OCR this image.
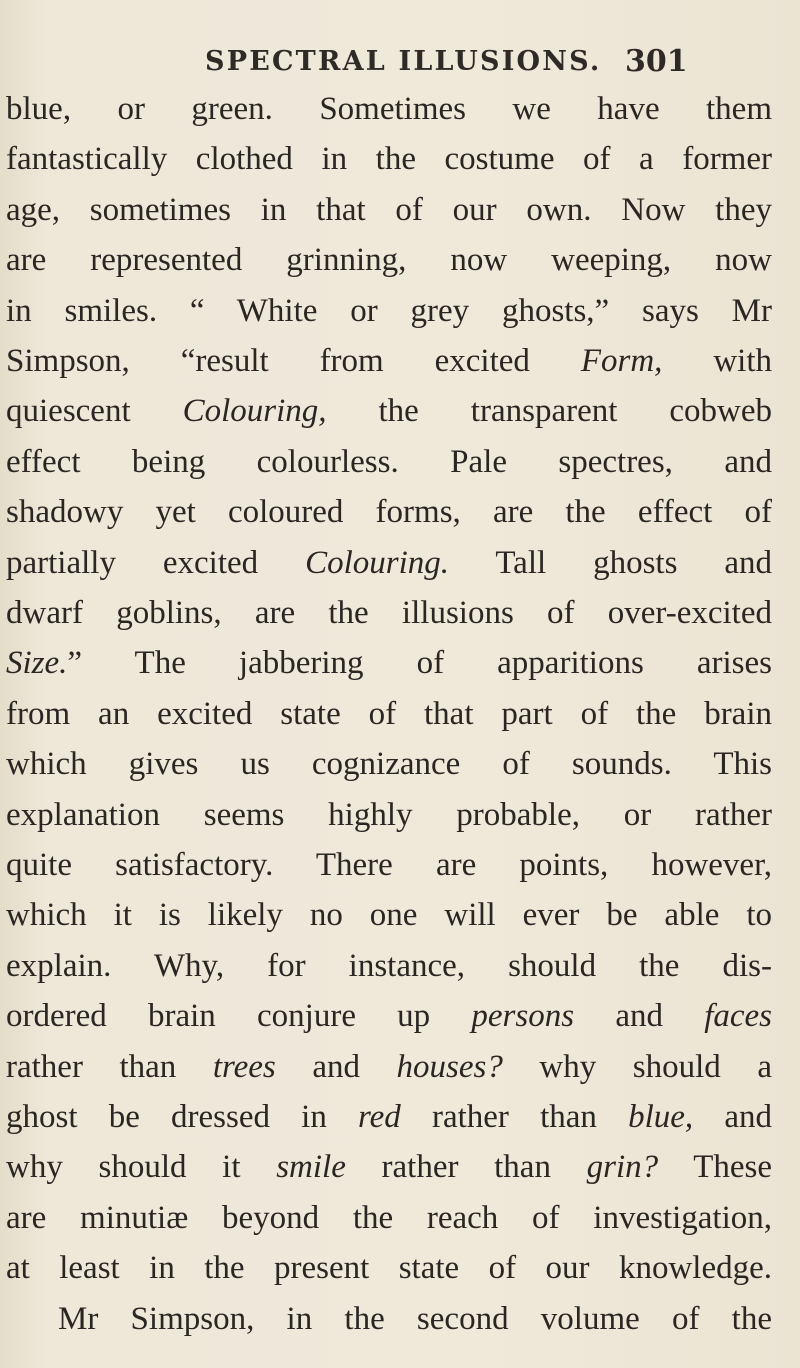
SPECTRAL ILLUSIONS. 301
blue, or green. Sometimes we have them
fantastically clothed in the costume of a former
age, sometimes in that of our own. Now they
are represented grinning, now weeping, now
in smiles. “ White or grey ghosts,” says Mr
Simpson, “result from excited Form, with
quiescent Colouring, the transparent cobweb
effect being colourless. Pale spectres, and
shadowy yet coloured forms, are the effect of
partially excited Colouring. Tall ghosts and
dwarf goblins, are the illusions of over-excited
Size.” The jabbering of apparitions arises
from an excited state of that part of the brain
which gives us cognizance of sounds. This
explanation seems highly probable, or rather
quite satisfactory. There are points, however,
which it is likely no one will ever be able to
explain. Why, for instance, should the dis-
ordered brain conjure up persons and faces
rather than trees and houses? why should a
ghost be dressed in red rather than blue, and
why should it smile rather than grin? These
are minutiæ beyond the reach of investigation,
at least in the present state of our knowledge.
Mr Simpson, in the second volume of the
